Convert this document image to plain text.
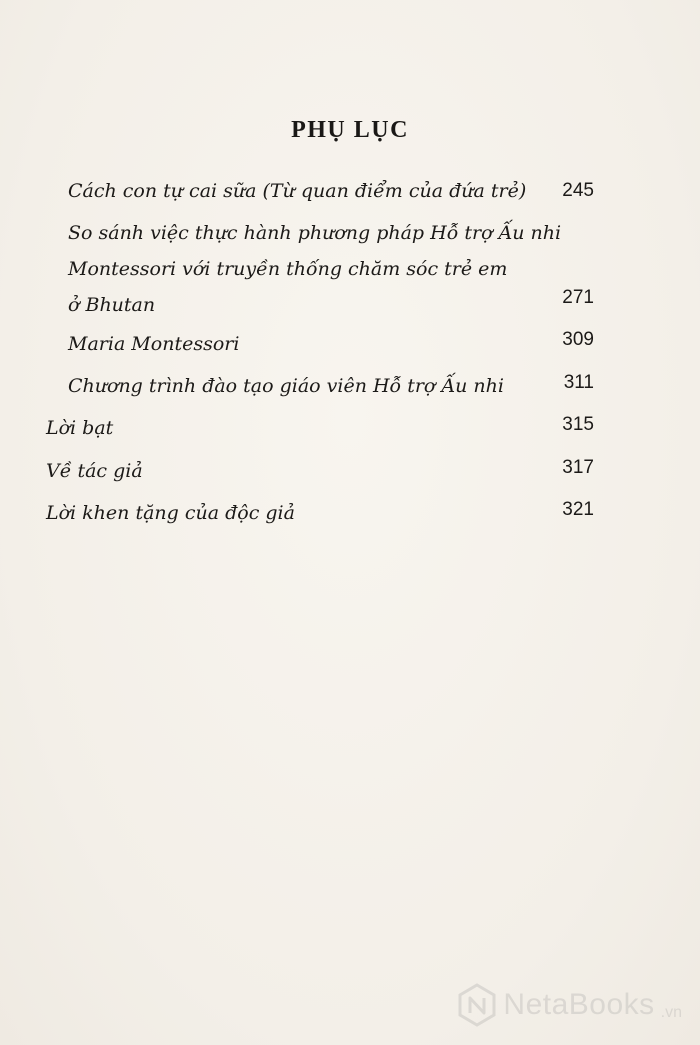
PHỤ LỤC
Cách con tự cai sữa (Từ quan điểm của đứa trẻ)	245
So sánh việc thực hành phương pháp Hỗ trợ Ấu nhi
Montessori với truyền thống chăm sóc trẻ em
ở Bhutan	271
Maria Montessori	309
Chương trình đào tạo giáo viên Hỗ trợ Ấu nhi	311
Lời bạt	315
Về tác giả	317
Lời khen tặng của độc giả	321
NetaBooks .vn
